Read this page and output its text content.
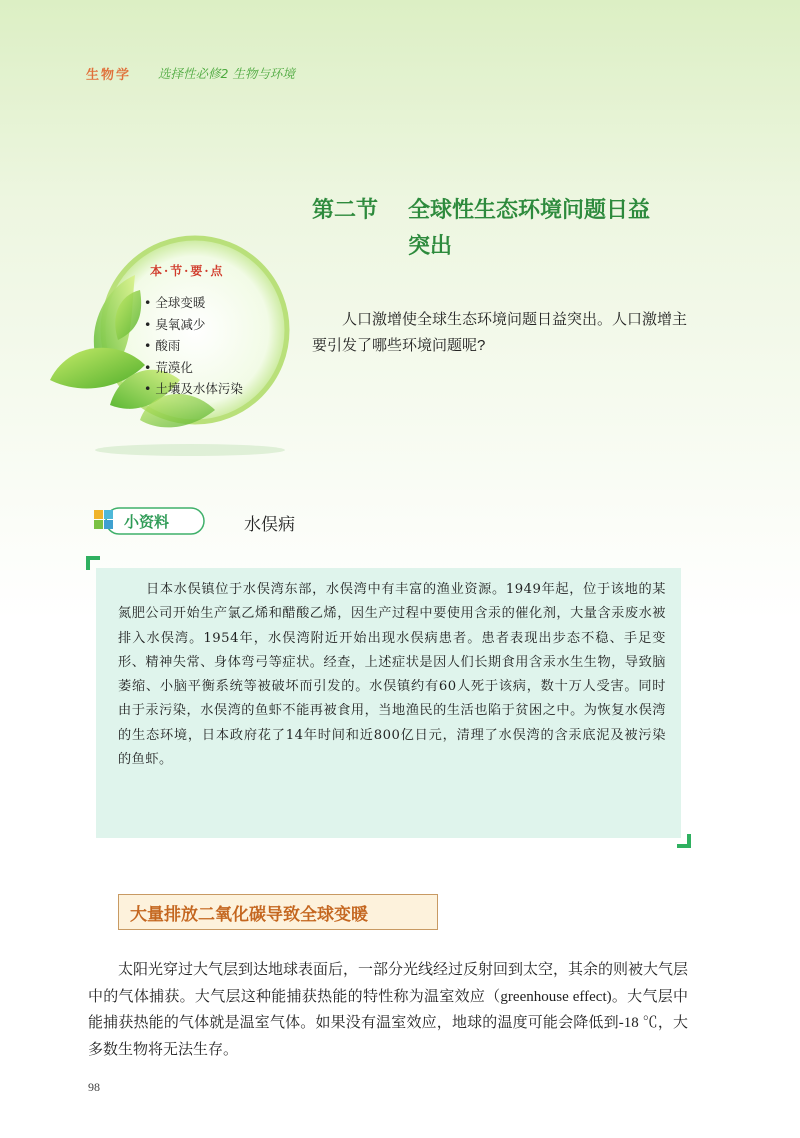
生物学 选择性必修2 生物与环境
第二节 全球性生态环境问题日益
突出
人口激增使全球生态环境问题日益突出。人口激增主要引发了哪些环境问题呢?
本·节·要·点
• 全球变暖
• 臭氧减少
• 酸雨
• 荒漠化
• 土壤及水体污染
小资料	水俣病
日本水俣镇位于水俣湾东部，水俣湾中有丰富的渔业资源。1949年起，位于该地的某氮肥公司开始生产氯乙烯和醋酸乙烯，因生产过程中要使用含汞的催化剂，大量含汞废水被排入水俣湾。1954年，水俣湾附近开始出现水俣病患者。患者表现出步态不稳、手足变形、精神失常、身体弯弓等症状。经查，上述症状是因人们长期食用含汞水生生物，导致脑萎缩、小脑平衡系统等被破坏而引发的。水俣镇约有60人死于该病，数十万人受害。同时由于汞污染，水俣湾的鱼虾不能再被食用，当地渔民的生活也陷于贫困之中。为恢复水俣湾的生态环境，日本政府花了14年时间和近800亿日元，清理了水俣湾的含汞底泥及被污染的鱼虾。
大量排放二氧化碳导致全球变暖
太阳光穿过大气层到达地球表面后，一部分光线经过反射回到太空，其余的则被大气层中的气体捕获。大气层这种能捕获热能的特性称为温室效应（greenhouse effect)。大气层中能捕获热能的气体就是温室气体。如果没有温室效应，地球的温度可能会降低到-18 ℃，大多数生物将无法生存。
98
